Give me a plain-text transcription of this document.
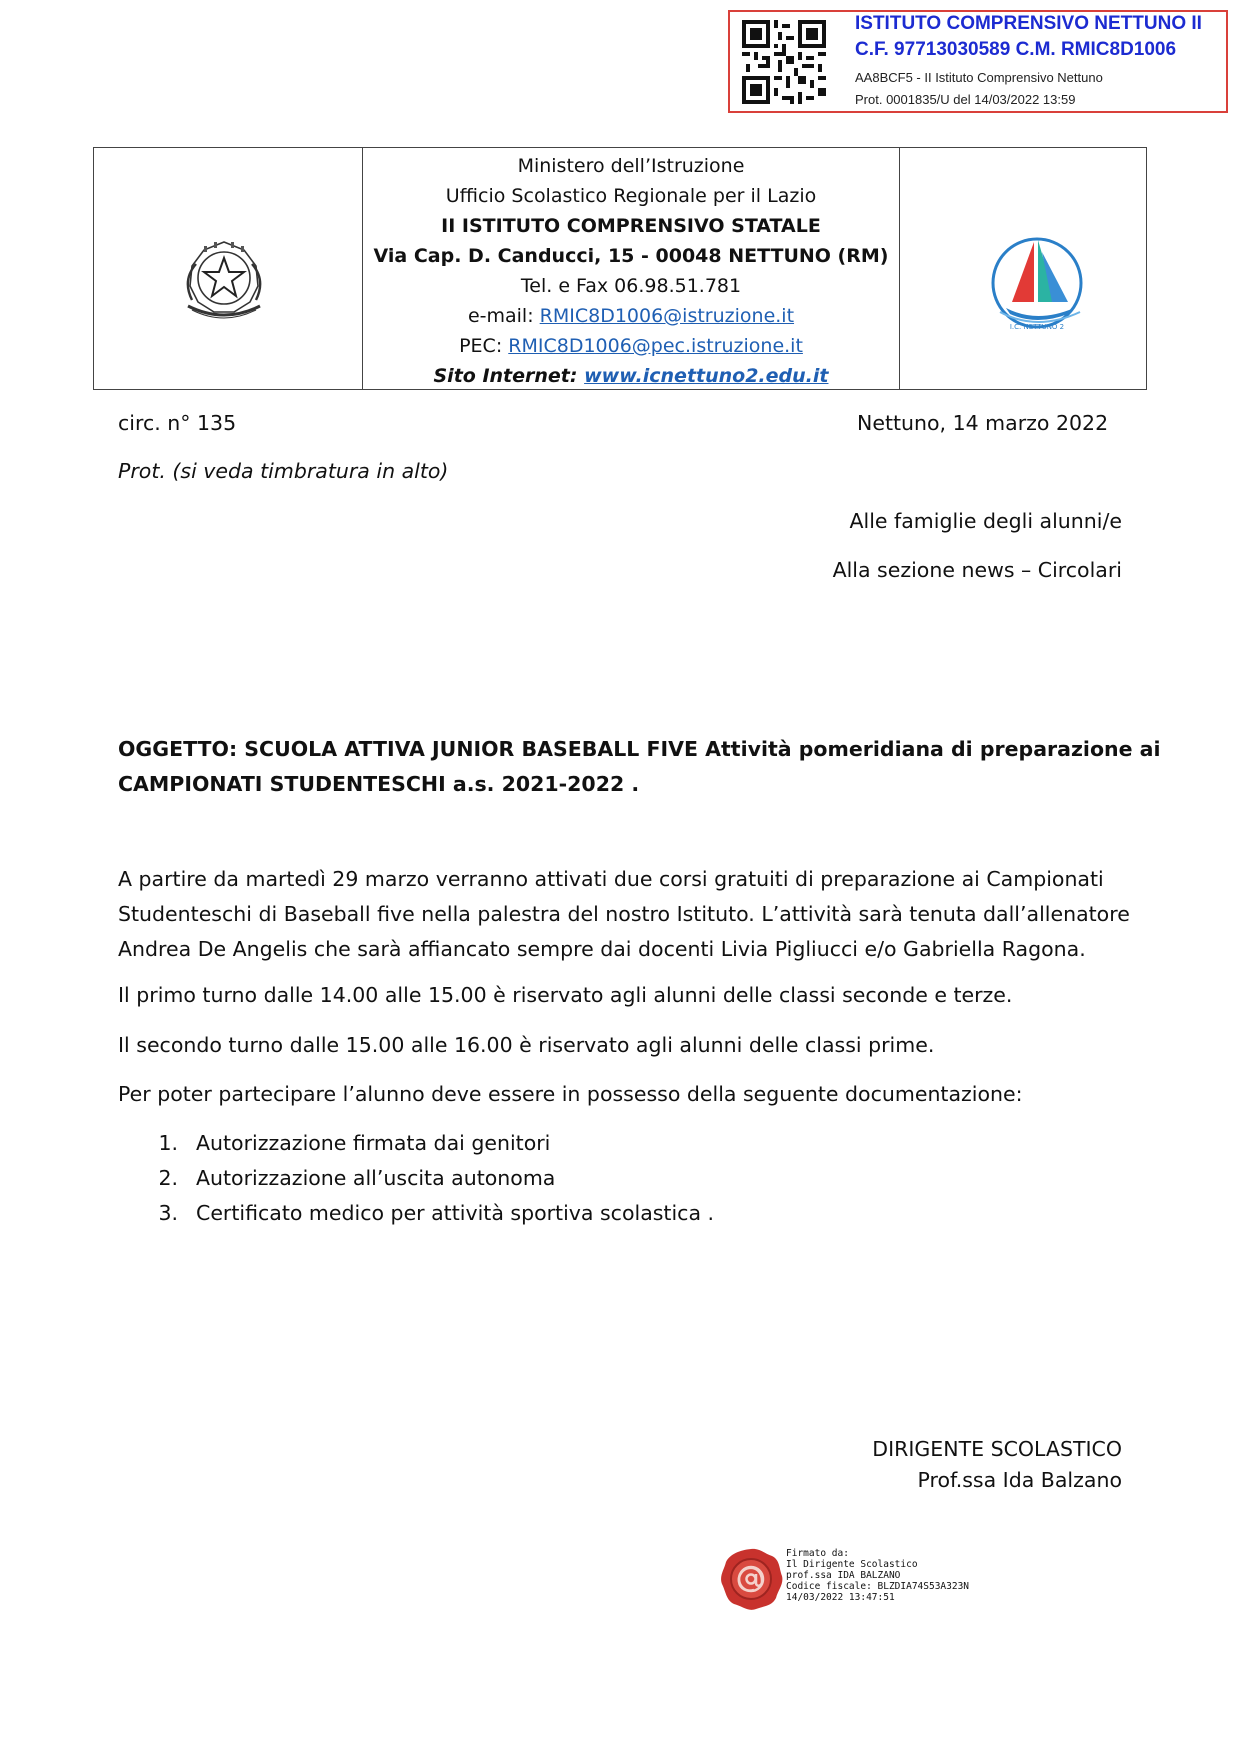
ISTITUTO COMPRENSIVO NETTUNO II
C.F. 97713030589 C.M. RMIC8D1006
AA8BCF5 - II Istituto Comprensivo Nettuno
Prot. 0001835/U del 14/03/2022 13:59
Ministero dell’Istruzione
Ufficio Scolastico Regionale per il Lazio
II ISTITUTO COMPRENSIVO STATALE
Via Cap. D. Canducci, 15 - 00048 NETTUNO (RM)
Tel. e Fax 06.98.51.781
e-mail: RMIC8D1006@istruzione.it
PEC: RMIC8D1006@pec.istruzione.it
Sito Internet: www.icnettuno2.edu.it
I.C. NETTUNO 2
circ. n° 135	Nettuno, 14 marzo 2022
Prot. (si veda timbratura in alto)
Alle famiglie degli alunni/e
Alla sezione news – Circolari
OGGETTO: SCUOLA ATTIVA JUNIOR BASEBALL FIVE Attività pomeridiana di preparazione ai
CAMPIONATI STUDENTESCHI a.s. 2021-2022 .
A partire da martedì 29 marzo verranno attivati due corsi gratuiti di preparazione ai Campionati
Studenteschi di Baseball five nella palestra del nostro Istituto. L’attività sarà tenuta dall’allenatore
Andrea De Angelis che sarà affiancato sempre dai docenti Livia Pigliucci e/o Gabriella Ragona.
Il primo turno dalle 14.00 alle 15.00 è riservato agli alunni delle classi seconde e terze.
Il secondo turno dalle 15.00 alle 16.00 è riservato agli alunni delle classi prime.
Per poter partecipare l’alunno deve essere in possesso della seguente documentazione:
1. Autorizzazione firmata dai genitori
2. Autorizzazione all’uscita autonoma
3. Certificato medico per attività sportiva scolastica .
DIRIGENTE SCOLASTICO
Prof.ssa Ida Balzano
Firmato da:
Il Dirigente Scolastico
prof.ssa IDA BALZANO
Codice fiscale: BLZDIA74S53A323N
14/03/2022 13:47:51
